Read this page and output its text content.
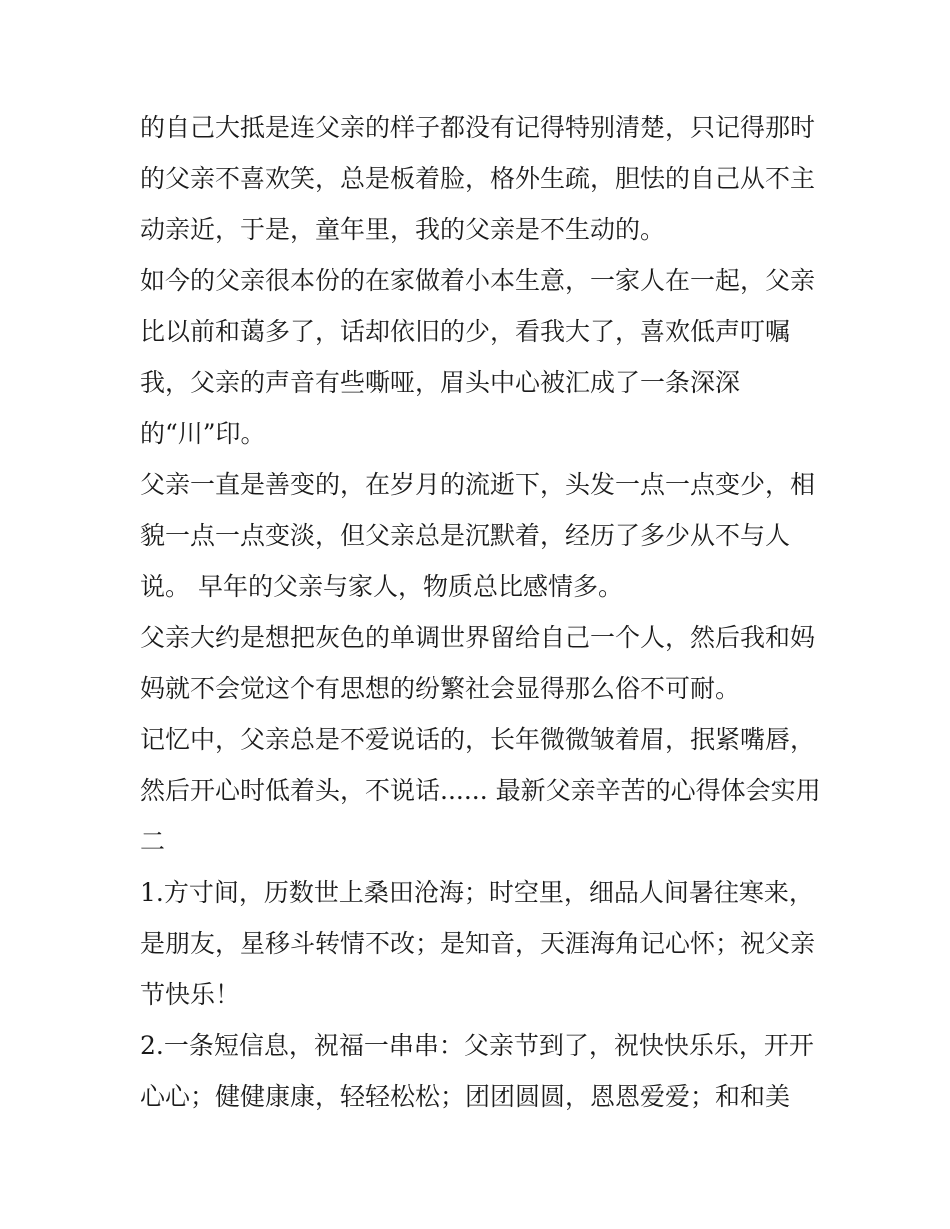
的自己大抵是连父亲的样子都没有记得特别清楚，只记得那时
的父亲不喜欢笑，总是板着脸，格外生疏，胆怯的自己从不主
动亲近，于是，童年里，我的父亲是不生动的。
如今的父亲很本份的在家做着小本生意，一家人在一起，父亲
比以前和蔼多了，话却依旧的少，看我大了，喜欢低声叮嘱
我，父亲的声音有些嘶哑，眉头中心被汇成了一条深深
的“川”印。
父亲一直是善变的，在岁月的流逝下，头发一点一点变少，相
貌一点一点变淡，但父亲总是沉默着，经历了多少从不与人
说。 早年的父亲与家人，物质总比感情多。
父亲大约是想把灰色的单调世界留给自己一个人，然后我和妈
妈就不会觉这个有思想的纷繁社会显得那么俗不可耐。
记忆中，父亲总是不爱说话的，长年微微皱着眉，抿紧嘴唇，
然后开心时低着头，不说话...... 最新父亲辛苦的心得体会实用
二
1.方寸间，历数世上桑田沧海；时空里，细品人间暑往寒来，
是朋友，星移斗转情不改；是知音，天涯海角记心怀；祝父亲
节快乐！
2.一条短信息，祝福一串串：父亲节到了，祝快快乐乐，开开
心心；健健康康，轻轻松松；团团圆圆，恩恩爱爱；和和美
